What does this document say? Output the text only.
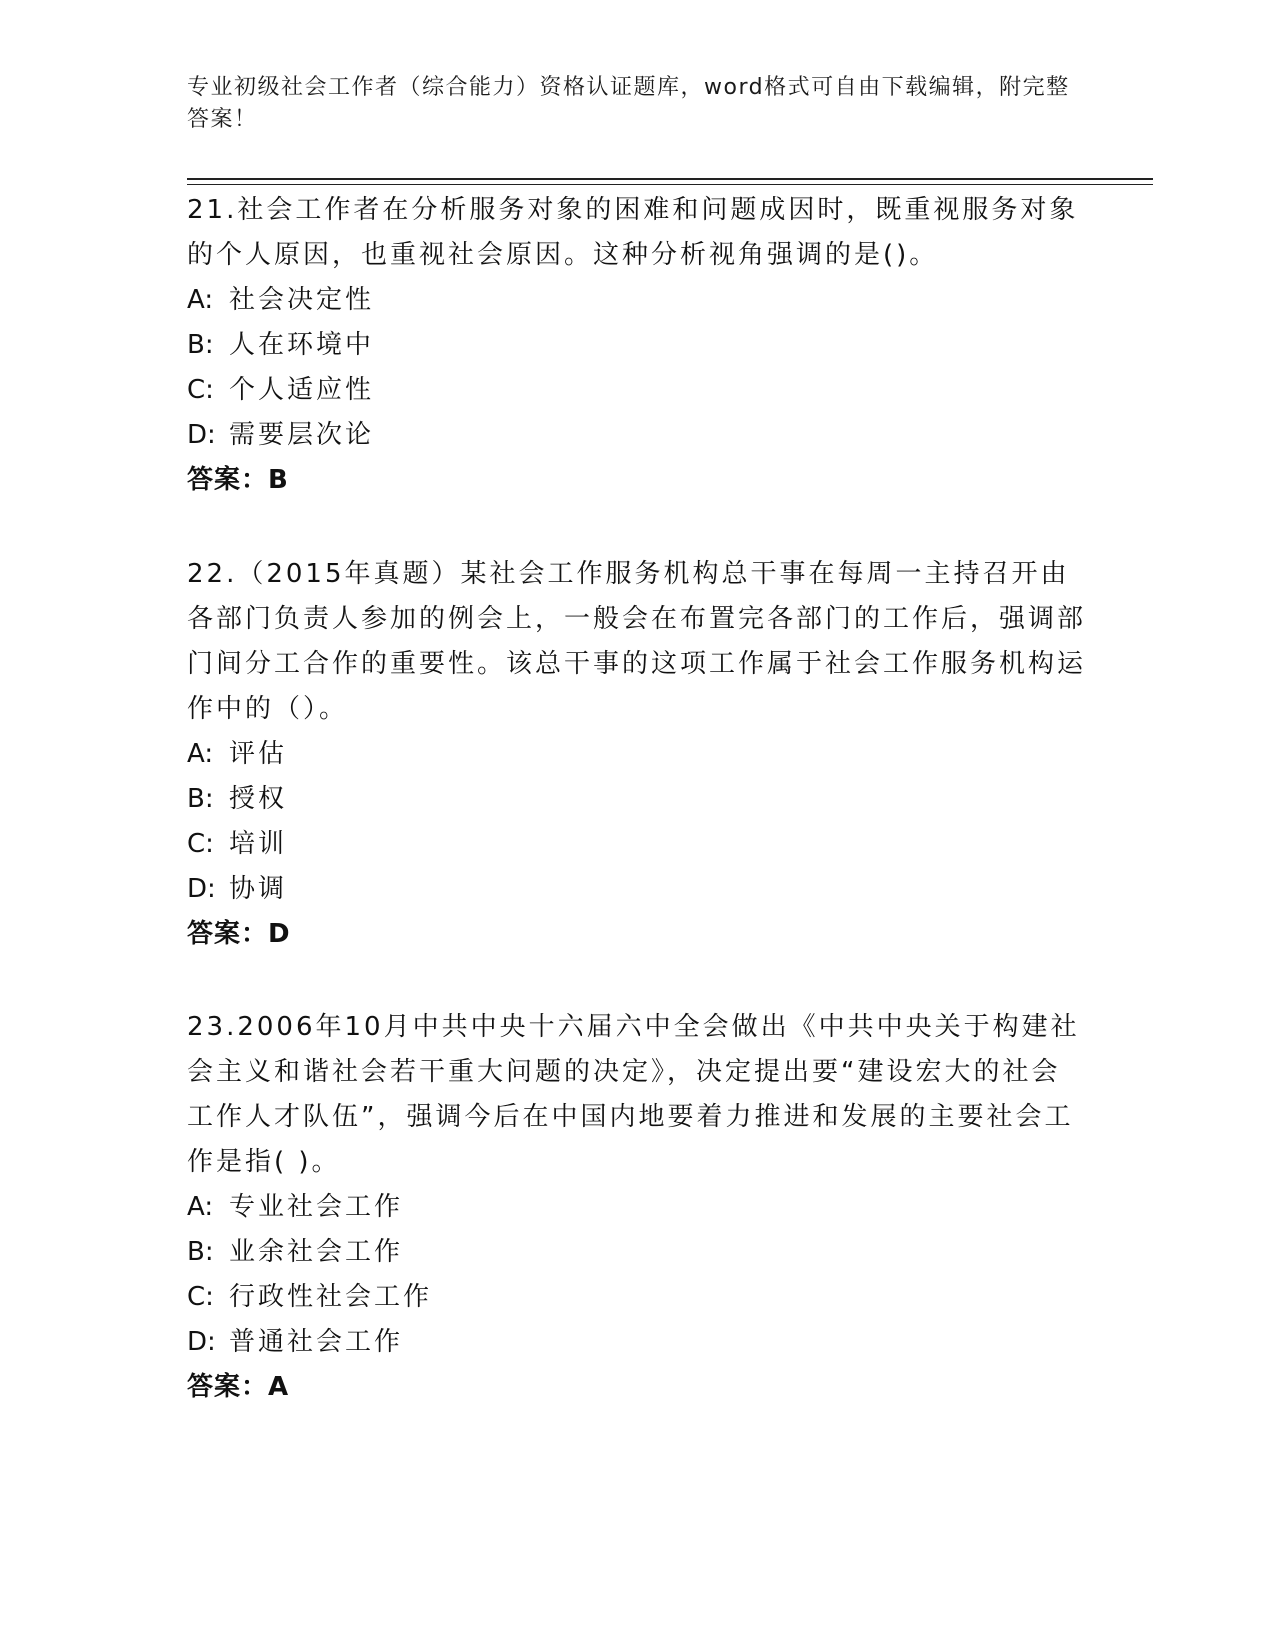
专业初级社会工作者（综合能力）资格认证题库，word格式可自由下载编辑，附完整答案！

21.社会工作者在分析服务对象的困难和问题成因时，既重视服务对象的个人原因，也重视社会原因。这种分析视角强调的是()。

A: 社会决定性

B: 人在环境中

C: 个人适应性

D: 需要层次论

答案：B

22.（2015年真题）某社会工作服务机构总干事在每周一主持召开由各部门负责人参加的例会上，一般会在布置完各部门的工作后，强调部门间分工合作的重要性。该总干事的这项工作属于社会工作服务机构运作中的（）。

A: 评估

B: 授权

C: 培训

D: 协调

答案：D

23.2006年10月中共中央十六届六中全会做出《中共中央关于构建社会主义和谐社会若干重大问题的决定》，决定提出要“建设宏大的社会工作人才队伍”，强调今后在中国内地要着力推进和发展的主要社会工作是指( )。

A: 专业社会工作

B: 业余社会工作

C: 行政性社会工作

D: 普通社会工作

答案：A
